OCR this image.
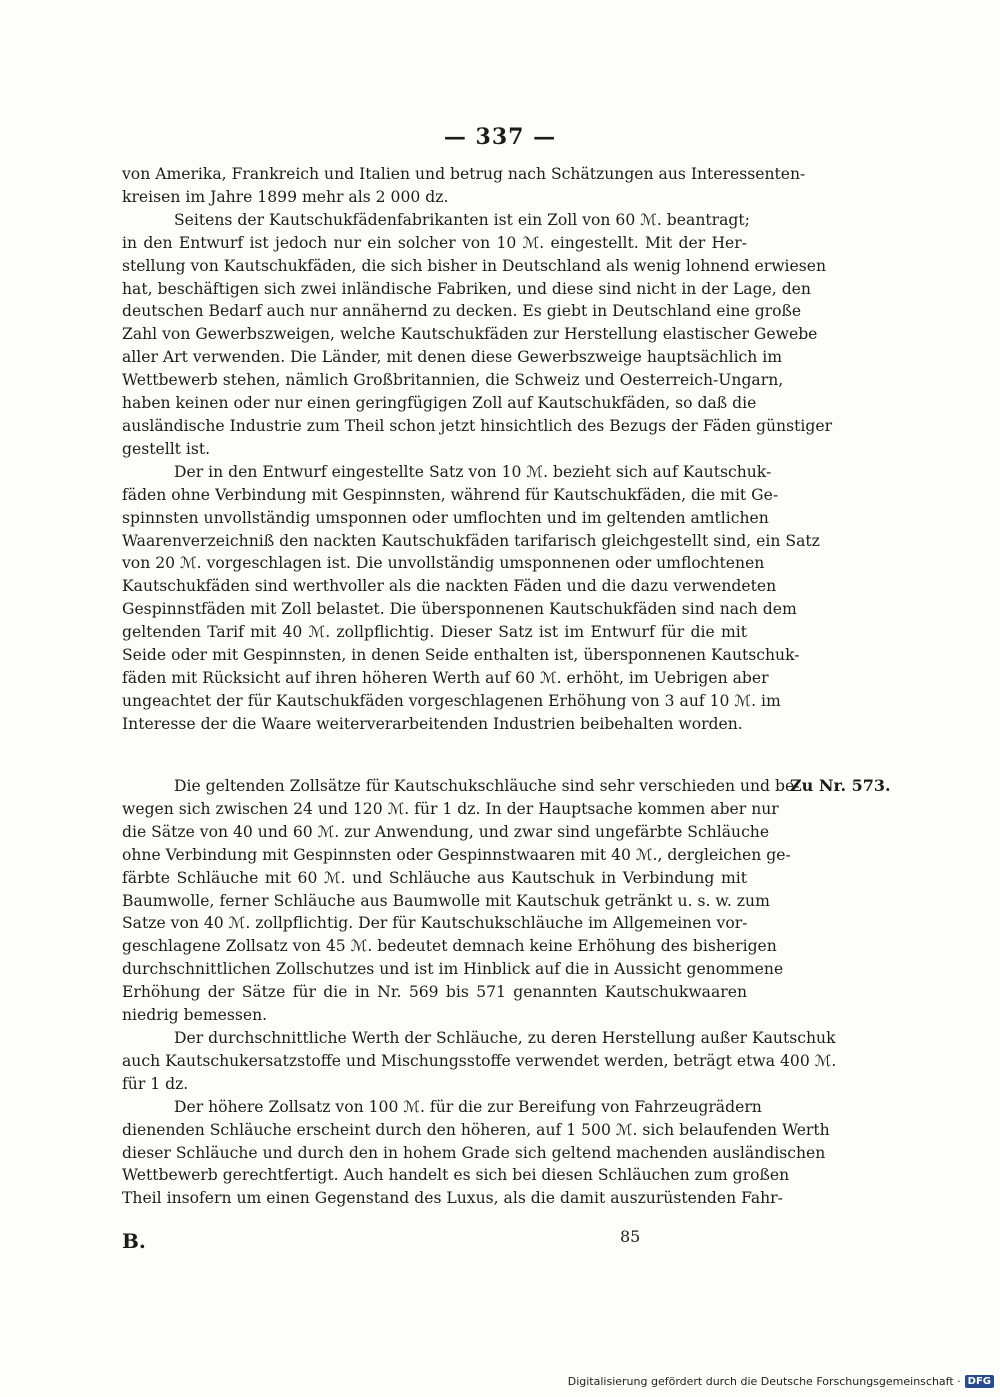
— 337 —
von Amerika, Frankreich und Italien und betrug nach Schätzungen aus Interessenten-
kreisen im Jahre 1899 mehr als 2 000 dz.
Seitens der Kautschukfädenfabrikanten ist ein Zoll von 60 ℳ. beantragt;
in den Entwurf ist jedoch nur ein solcher von 10 ℳ. eingestellt. Mit der Her-
stellung von Kautschukfäden, die sich bisher in Deutschland als wenig lohnend erwiesen
hat, beschäftigen sich zwei inländische Fabriken, und diese sind nicht in der Lage, den
deutschen Bedarf auch nur annähernd zu decken. Es giebt in Deutschland eine große
Zahl von Gewerbszweigen, welche Kautschukfäden zur Herstellung elastischer Gewebe
aller Art verwenden. Die Länder, mit denen diese Gewerbszweige hauptsächlich im
Wettbewerb stehen, nämlich Großbritannien, die Schweiz und Oesterreich-Ungarn,
haben keinen oder nur einen geringfügigen Zoll auf Kautschukfäden, so daß die
ausländische Industrie zum Theil schon jetzt hinsichtlich des Bezugs der Fäden günstiger
gestellt ist.
Der in den Entwurf eingestellte Satz von 10 ℳ. bezieht sich auf Kautschuk-
fäden ohne Verbindung mit Gespinnsten, während für Kautschukfäden, die mit Ge-
spinnsten unvollständig umsponnen oder umflochten und im geltenden amtlichen
Waarenverzeichniß den nackten Kautschukfäden tarifarisch gleichgestellt sind, ein Satz
von 20 ℳ. vorgeschlagen ist. Die unvollständig umsponnenen oder umflochtenen
Kautschukfäden sind werthvoller als die nackten Fäden und die dazu verwendeten
Gespinnstfäden mit Zoll belastet. Die übersponnenen Kautschukfäden sind nach dem
geltenden Tarif mit 40 ℳ. zollpflichtig. Dieser Satz ist im Entwurf für die mit
Seide oder mit Gespinnsten, in denen Seide enthalten ist, übersponnenen Kautschuk-
fäden mit Rücksicht auf ihren höheren Werth auf 60 ℳ. erhöht, im Uebrigen aber
ungeachtet der für Kautschukfäden vorgeschlagenen Erhöhung von 3 auf 10 ℳ. im
Interesse der die Waare weiterverarbeitenden Industrien beibehalten worden.
Zu Nr. 573.
Die geltenden Zollsätze für Kautschukschläuche sind sehr verschieden und be-
wegen sich zwischen 24 und 120 ℳ. für 1 dz. In der Hauptsache kommen aber nur
die Sätze von 40 und 60 ℳ. zur Anwendung, und zwar sind ungefärbte Schläuche
ohne Verbindung mit Gespinnsten oder Gespinnstwaaren mit 40 ℳ., dergleichen ge-
färbte Schläuche mit 60 ℳ. und Schläuche aus Kautschuk in Verbindung mit
Baumwolle, ferner Schläuche aus Baumwolle mit Kautschuk getränkt u. s. w. zum
Satze von 40 ℳ. zollpflichtig. Der für Kautschukschläuche im Allgemeinen vor-
geschlagene Zollsatz von 45 ℳ. bedeutet demnach keine Erhöhung des bisherigen
durchschnittlichen Zollschutzes und ist im Hinblick auf die in Aussicht genommene
Erhöhung der Sätze für die in Nr. 569 bis 571 genannten Kautschukwaaren
niedrig bemessen.
Der durchschnittliche Werth der Schläuche, zu deren Herstellung außer Kautschuk
auch Kautschukersatzstoffe und Mischungsstoffe verwendet werden, beträgt etwa 400 ℳ.
für 1 dz.
Der höhere Zollsatz von 100 ℳ. für die zur Bereifung von Fahrzeugrädern
dienenden Schläuche erscheint durch den höheren, auf 1 500 ℳ. sich belaufenden Werth
dieser Schläuche und durch den in hohem Grade sich geltend machenden ausländischen
Wettbewerb gerechtfertigt. Auch handelt es sich bei diesen Schläuchen zum großen
Theil insofern um einen Gegenstand des Luxus, als die damit auszurüstenden Fahr-
B.	85
Digitalisierung gefördert durch die Deutsche Forschungsgemeinschaft · DFG
